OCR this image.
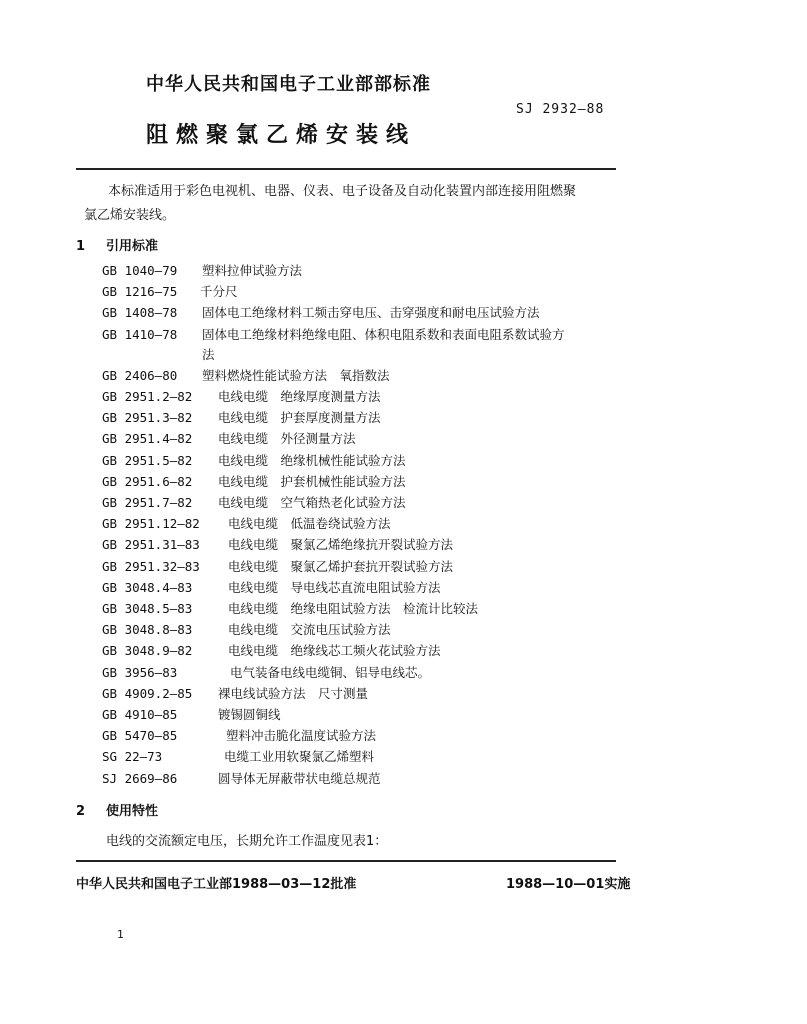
中华人民共和国电子工业部部标准
SJ 2932—88
阻燃聚氯乙烯安装线
本标准适用于彩色电视机、电器、仪表、电子设备及自动化装置内部连接用阻燃聚
氯乙烯安装线。
1 引用标准
GB 1040—79 塑料拉伸试验方法
GB 1216—75 千分尺
GB 1408—78 固体电工绝缘材料工频击穿电压、击穿强度和耐电压试验方法
GB 1410—78 固体电工绝缘材料绝缘电阻、体积电阻系数和表面电阻系数试验方
法
GB 2406—80 塑料燃烧性能试验方法　氧指数法
GB 2951.2—82 电线电缆　绝缘厚度测量方法
GB 2951.3—82 电线电缆　护套厚度测量方法
GB 2951.4—82 电线电缆　外径测量方法
GB 2951.5—82 电线电缆　绝缘机械性能试验方法
GB 2951.6—82 电线电缆　护套机械性能试验方法
GB 2951.7—82 电线电缆　空气箱热老化试验方法
GB 2951.12—82 电线电缆　低温卷绕试验方法
GB 2951.31—83 电线电缆　聚氯乙烯绝缘抗开裂试验方法
GB 2951.32—83 电线电缆　聚氯乙烯护套抗开裂试验方法
GB 3048.4—83	电线电缆　导电线芯直流电阻试验方法
GB 3048.5—83	电线电缆　绝缘电阻试验方法　检流计比较法
GB 3048.8—83	电线电缆　交流电压试验方法
GB 3048.9—82	电线电缆　绝缘线芯工频火花试验方法
GB 3956—83	电气装备电线电缆铜、铝导电线芯。
GB 4909.2—85 裸电线试验方法　尺寸测量
GB 4910—85	镀锡圆铜线
GB 5470—85	塑料冲击脆化温度试验方法
SG 22—73	电缆工业用软聚氯乙烯塑料
SJ 2669—86	圆导体无屏蔽带状电缆总规范
2 使用特性
电线的交流额定电压，长期允许工作温度见表1：
中华人民共和国电子工业部1988—03—12批准	1988—10—01实施
1
